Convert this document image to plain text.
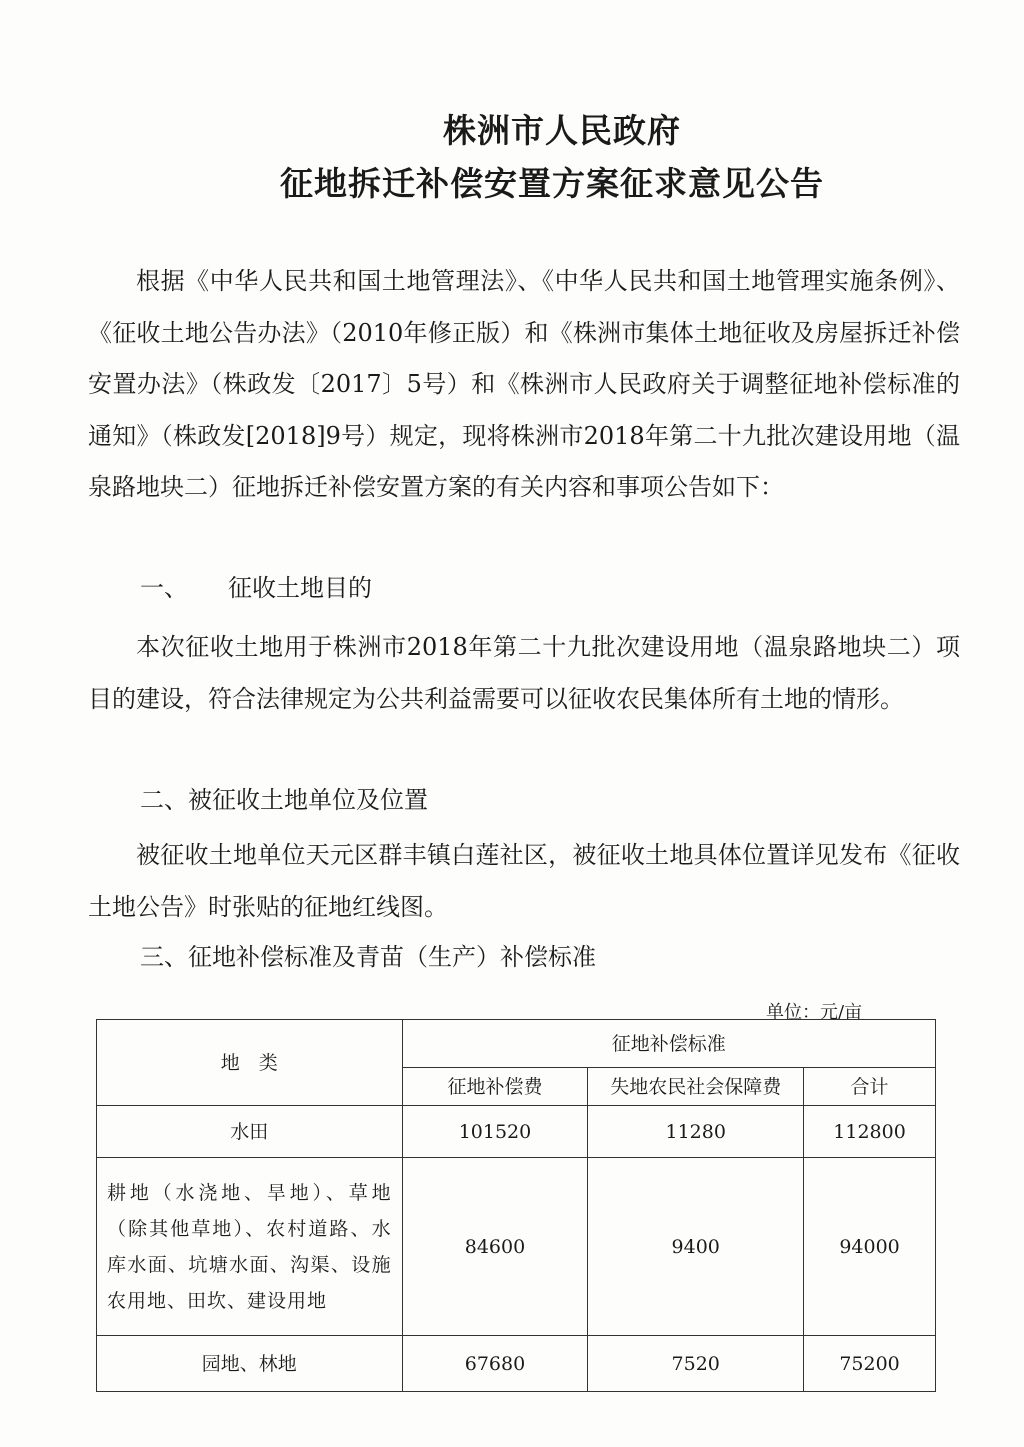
株洲市人民政府
征地拆迁补偿安置方案征求意见公告
根据《中华人民共和国土地管理法》、《中华人民共和国土地管理实施条例》、《征收土地公告办法》（2010年修正版）和《株洲市集体土地征收及房屋拆迁补偿安置办法》（株政发〔2017〕5号）和《株洲市人民政府关于调整征地补偿标准的通知》（株政发[2018]9号）规定，现将株洲市2018年第二十九批次建设用地（温泉路地块二）征地拆迁补偿安置方案的有关内容和事项公告如下：
一、 征收土地目的
本次征收土地用于株洲市2018年第二十九批次建设用地（温泉路地块二）项目的建设，符合法律规定为公共利益需要可以征收农民集体所有土地的情形。
二、被征收土地单位及位置
被征收土地单位天元区群丰镇白莲社区，被征收土地具体位置详见发布《征收土地公告》时张贴的征地红线图。
三、征地补偿标准及青苗（生产）补偿标准
单位：元/亩
地　类	征地补偿标准		
	征地补偿费	失地农民社会保障费	合计
水田	101520	11280	112800
耕地（水浇地、旱地）、草地（除其他草地）、农村道路、水库水面、坑塘水面、沟渠、设施农用地、田坎、建设用地	84600	9400	94000
园地、林地	67680	7520	75200
